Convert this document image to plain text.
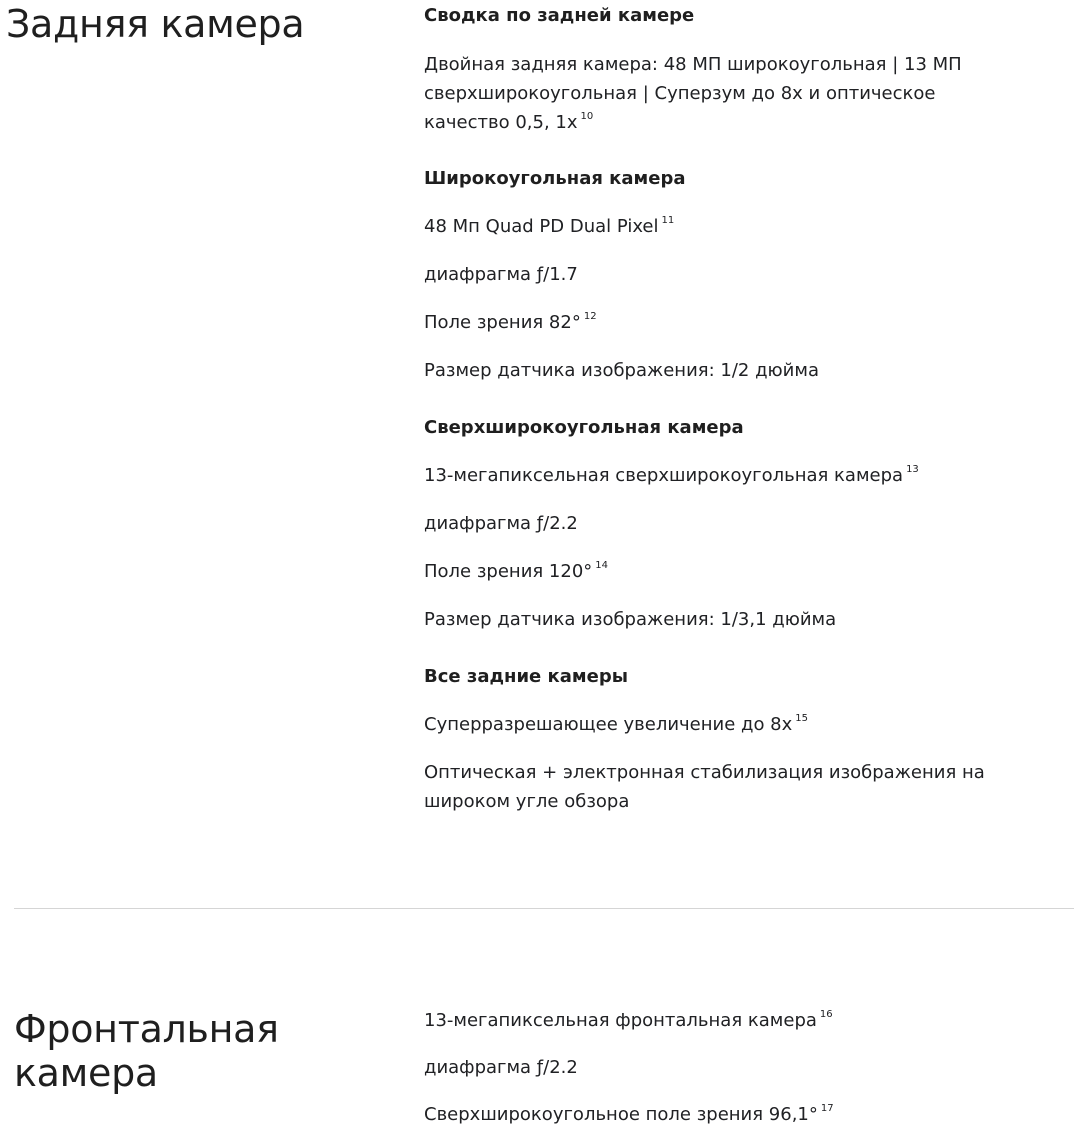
Задняя камера	Сводка по задней камере

Двойная задняя камера: 48 МП широкоугольная | 13 МП сверхширокоугольная | Суперзум до 8x и оптическое качество 0,5, 1x $^{10}$

Широкоугольная камера

48 Мп Quad PD Dual Pixel $^{11}$

диафрагма ƒ/1.7

Поле зрения 82° $^{12}$

Размер датчика изображения: 1/2 дюйма

Сверхширокоугольная камера

13-мегапиксельная сверхширокоугольная камера $^{13}$

диафрагма ƒ/2.2

Поле зрения 120° $^{14}$

Размер датчика изображения: 1/3,1 дюйма

Все задние камеры

Суперразрешающее увеличение до 8x $^{15}$

Оптическая + электронная стабилизация изображения на широком угле обзора

Фронтальная камера

13-мегапиксельная фронтальная камера $^{16}$

диафрагма ƒ/2.2

Сверхширокоугольное поле зрения 96,1° $^{17}$
